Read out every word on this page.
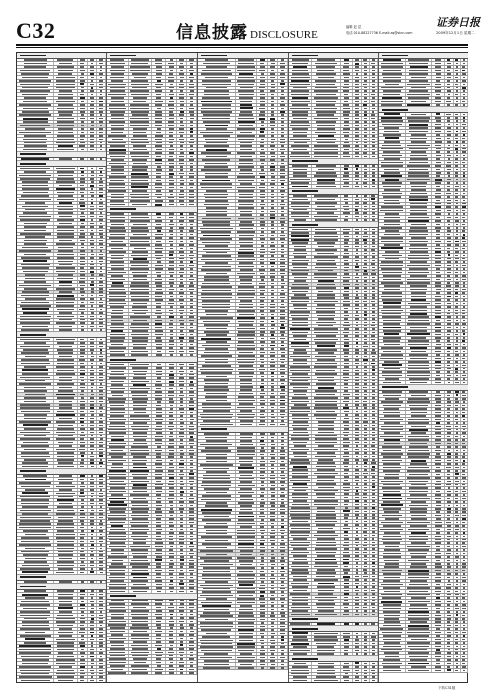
C32	信息披露 DISCLOSURE
编辑 赵 昆
电话 010-88227736 E-mail:zq@stcn.com
证券日报
2009年12月1日 星期二
下转C31版
